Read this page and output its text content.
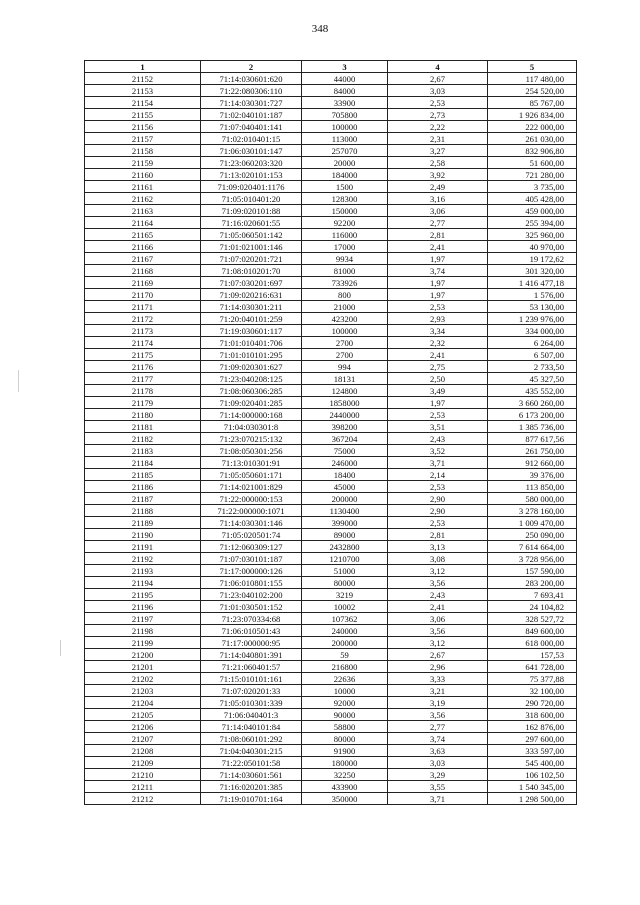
348
1	2	3	4	5
21152	71:14:030601:620	44000	2,67	117 480,00
21153	71:22:080306:110	84000	3,03	254 520,00
21154	71:14:030301:727	33900	2,53	85 767,00
21155	71:02:040101:187	705800	2,73	1 926 834,00
21156	71:07:040401:141	100000	2,22	222 000,00
21157	71:02:010401:15	113000	2,31	261 030,00
21158	71:06:030101:147	257070	3,27	832 906,80
21159	71:23:060203:320	20000	2,58	51 600,00
21160	71:13:020101:153	184000	3,92	721 280,00
21161	71:09:020401:1176	1500	2,49	3 735,00
21162	71:05:010401:20	128300	3,16	405 428,00
21163	71:09:020101:88	150000	3,06	459 000,00
21164	71:16:020601:55	92200	2,77	255 394,00
21165	71:05:060501:142	116000	2,81	325 960,00
21166	71:01:021001:146	17000	2,41	40 970,00
21167	71:07:020201:721	9934	1,97	19 172,62
21168	71:08:010201:70	81000	3,74	301 320,00
21169	71:07:030201:697	733926	1,97	1 416 477,18
21170	71:09:020216:631	800	1,97	1 576,00
21171	71:14:030301:211	21000	2,53	53 130,00
21172	71:20:040101:259	423200	2,93	1 239 976,00
21173	71:19:030601:117	100000	3,34	334 000,00
21174	71:01:010401:706	2700	2,32	6 264,00
21175	71:01:010101:295	2700	2,41	6 507,00
21176	71:09:020301:627	994	2,75	2 733,50
21177	71:23:040208:125	18131	2,50	45 327,50
21178	71:08:060306:285	124800	3,49	435 552,00
21179	71:09:020401:285	1858000	1,97	3 660 260,00
21180	71:14:000000:168	2440000	2,53	6 173 200,00
21181	71:04:030301:8	398200	3,51	1 385 736,00
21182	71:23:070215:132	367204	2,43	877 617,56
21183	71:08:050301:256	75000	3,52	261 750,00
21184	71:13:010301:91	246000	3,71	912 660,00
21185	71:05:050601:171	18400	2,14	39 376,00
21186	71:14:021001:829	45000	2,53	113 850,00
21187	71:22:000000:153	200000	2,90	580 000,00
21188	71:22:000000:1071	1130400	2,90	3 278 160,00
21189	71:14:030301:146	399000	2,53	1 009 470,00
21190	71:05:020501:74	89000	2,81	250 090,00
21191	71:12:060309:127	2432800	3,13	7 614 664,00
21192	71:07:030101:187	1210700	3,08	3 728 956,00
21193	71:17:000000:126	51000	3,12	157 590,00
21194	71:06:010801:155	80000	3,56	283 200,00
21195	71:23:040102:200	3219	2,43	7 693,41
21196	71:01:030501:152	10002	2,41	24 104,82
21197	71:23:070334:68	107362	3,06	328 527,72
21198	71:06:010501:43	240000	3,56	849 600,00
21199	71:17:000000:95	200000	3,12	618 000,00
21200	71:14:040801:391	59	2,67	157,53
21201	71:21:060401:57	216800	2,96	641 728,00
21202	71:15:010101:161	22636	3,33	75 377,88
21203	71:07:020201:33	10000	3,21	32 100,00
21204	71:05:010301:339	92000	3,19	290 720,00
21205	71:06:040401:3	90000	3,56	318 600,00
21206	71:14:040101:84	58800	2,77	162 876,00
21207	71:08:060101:292	80000	3,74	297 600,00
21208	71:04:040301:215	91900	3,63	333 597,00
21209	71:22:050101:58	180000	3,03	545 400,00
21210	71:14:030601:561	32250	3,29	106 102,50
21211	71:16:020201:385	433900	3,55	1 540 345,00
21212	71:19:010701:164	350000	3,71	1 298 500,00
